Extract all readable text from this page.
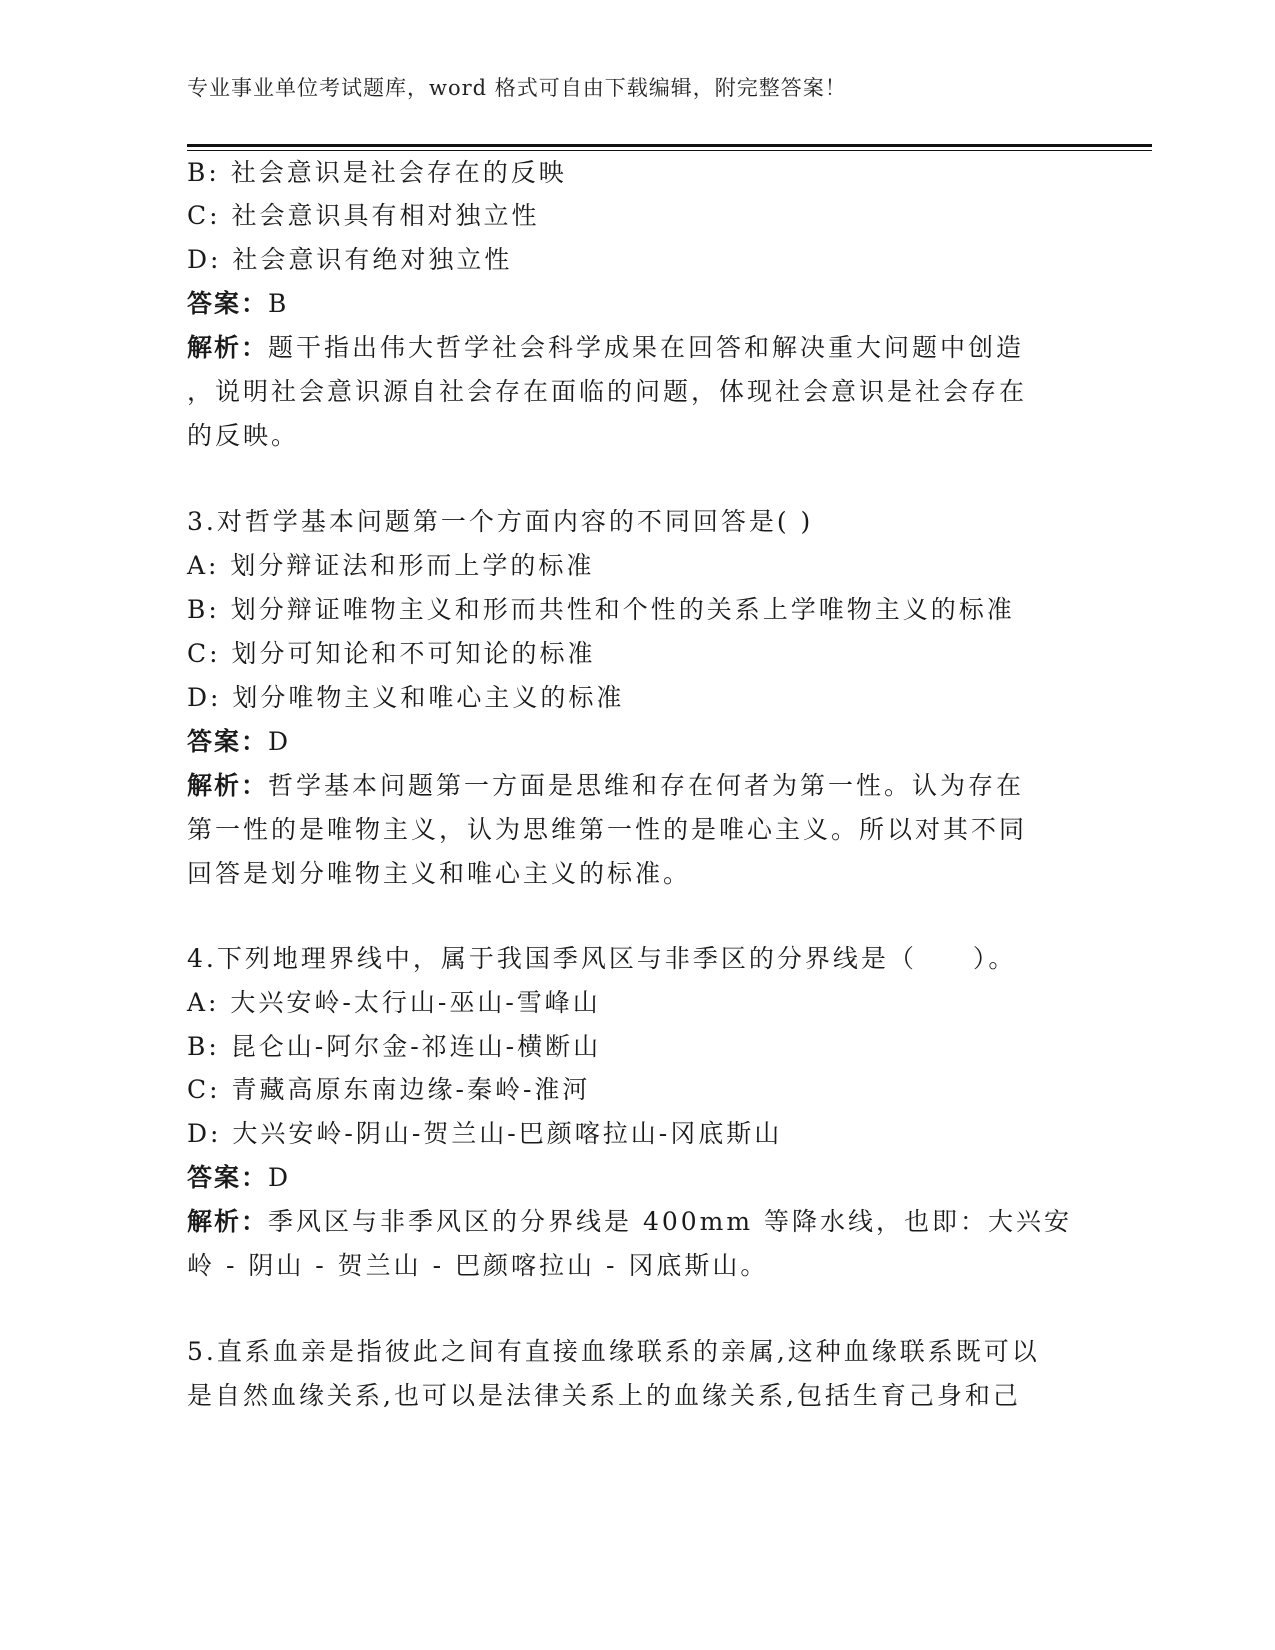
专业事业单位考试题库，word 格式可自由下载编辑，附完整答案！
B: 社会意识是社会存在的反映
C: 社会意识具有相对独立性
D: 社会意识有绝对独立性
答案：B
解析：题干指出伟大哲学社会科学成果在回答和解决重大问题中创造
，说明社会意识源自社会存在面临的问题，体现社会意识是社会存在
的反映。
3.对哲学基本问题第一个方面内容的不同回答是( )
A: 划分辩证法和形而上学的标准
B: 划分辩证唯物主义和形而共性和个性的关系上学唯物主义的标准
C: 划分可知论和不可知论的标准
D: 划分唯物主义和唯心主义的标准
答案：D
解析：哲学基本问题第一方面是思维和存在何者为第一性。认为存在
第一性的是唯物主义，认为思维第一性的是唯心主义。所以对其不同
回答是划分唯物主义和唯心主义的标准。
4.下列地理界线中，属于我国季风区与非季区的分界线是（　　）。
A: 大兴安岭-太行山-巫山-雪峰山
B: 昆仑山-阿尔金-祁连山-横断山
C: 青藏高原东南边缘-秦岭-淮河
D: 大兴安岭-阴山-贺兰山-巴颜喀拉山-冈底斯山
答案：D
解析：季风区与非季风区的分界线是 400mm 等降水线，也即：大兴安
岭 - 阴山 - 贺兰山 - 巴颜喀拉山 - 冈底斯山。
5.直系血亲是指彼此之间有直接血缘联系的亲属,这种血缘联系既可以
是自然血缘关系,也可以是法律关系上的血缘关系,包括生育己身和己
